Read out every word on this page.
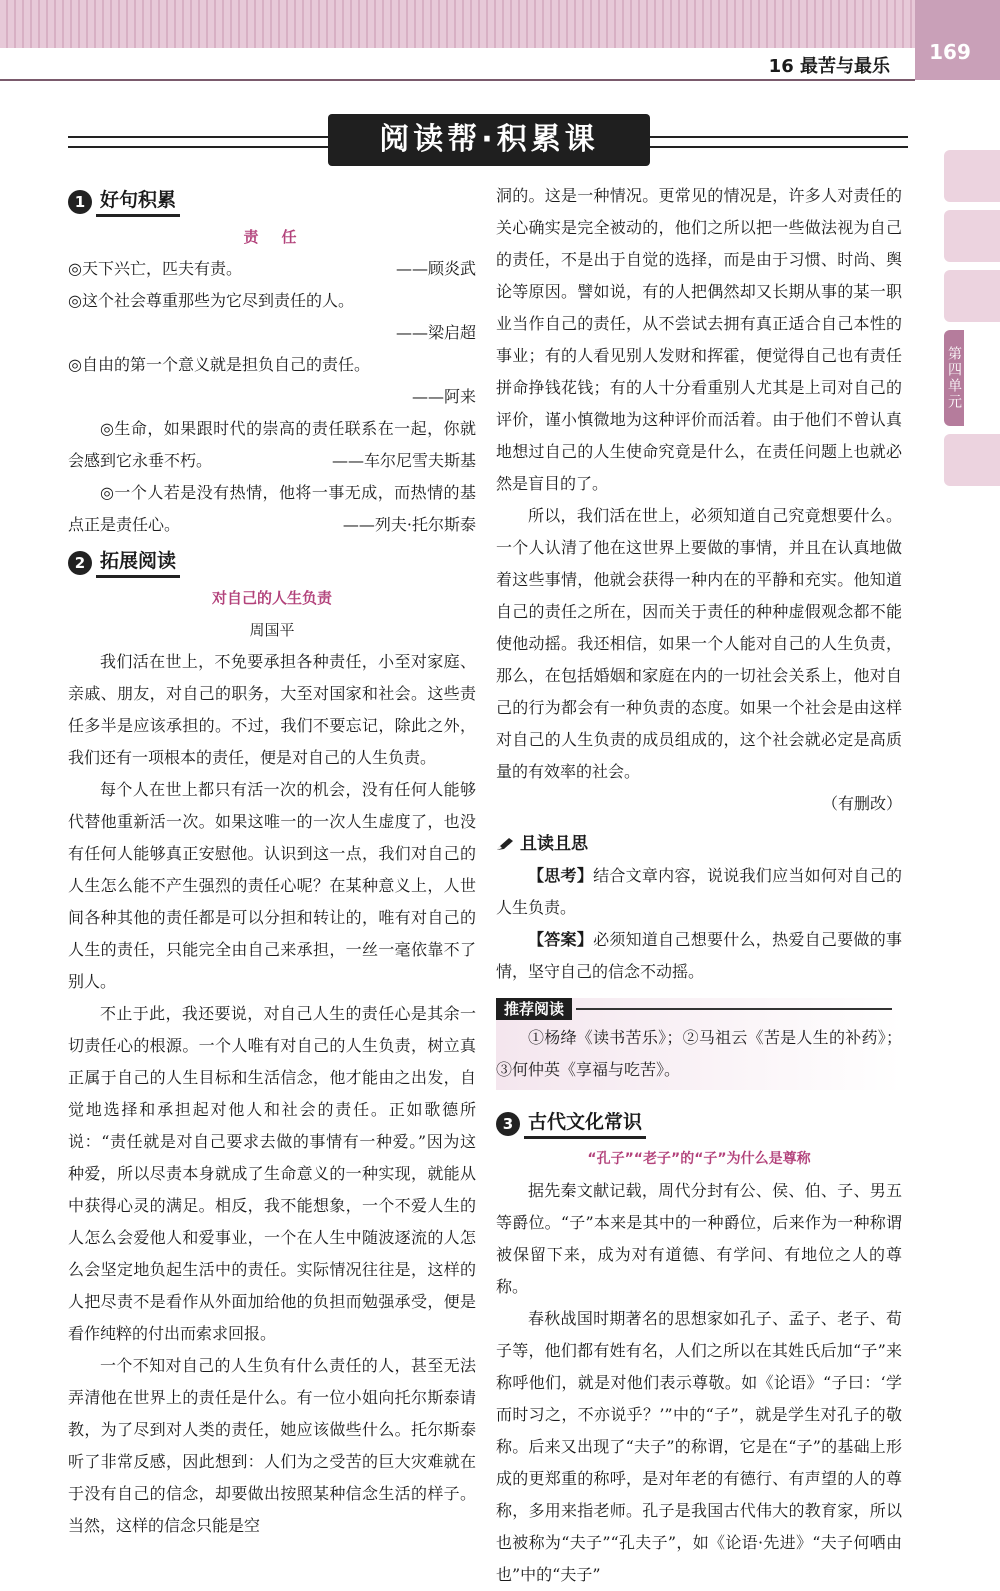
169
16 最苦与最乐
第四单元
阅读帮·积累课
1 好句积累
责　任

◎天下兴亡，匹夫有责。	——顾炎武

◎这个社会尊重那些为它尽到责任的人。

——梁启超

◎自由的第一个意义就是担负自己的责任。

——阿来

◎生命，如果跟时代的崇高的责任联系在一起，你就会感到它永垂不朽。	——车尔尼雪夫斯基

◎一个人若是没有热情，他将一事无成，而热情的基点正是责任心。	——列夫·托尔斯泰
2 拓展阅读
对自己的人生负责
周国平

我们活在世上，不免要承担各种责任，小至对家庭、亲戚、朋友，对自己的职务，大至对国家和社会。这些责任多半是应该承担的。不过，我们不要忘记，除此之外，我们还有一项根本的责任，便是对自己的人生负责。

每个人在世上都只有活一次的机会，没有任何人能够代替他重新活一次。如果这唯一的一次人生虚度了，也没有任何人能够真正安慰他。认识到这一点，我们对自己的人生怎么能不产生强烈的责任心呢？在某种意义上，人世间各种其他的责任都是可以分担和转让的，唯有对自己的人生的责任，只能完全由自己来承担，一丝一毫依靠不了别人。

不止于此，我还要说，对自己人生的责任心是其余一切责任心的根源。一个人唯有对自己的人生负责，树立真正属于自己的人生目标和生活信念，他才能由之出发，自觉地选择和承担起对他人和社会的责任。正如歌德所说：“责任就是对自己要求去做的事情有一种爱。”因为这种爱，所以尽责本身就成了生命意义的一种实现，就能从中获得心灵的满足。相反，我不能想象，一个不爱人生的人怎么会爱他人和爱事业，一个在人生中随波逐流的人怎么会坚定地负起生活中的责任。实际情况往往是，这样的人把尽责不是看作从外面加给他的负担而勉强承受，便是看作纯粹的付出而索求回报。

一个不知对自己的人生负有什么责任的人，甚至无法弄清他在世界上的责任是什么。有一位小姐向托尔斯泰请教，为了尽到对人类的责任，她应该做些什么。托尔斯泰听了非常反感，因此想到：人们为之受苦的巨大灾难就在于没有自己的信念，却要做出按照某种信念生活的样子。当然，这样的信念只能是空

洞的。这是一种情况。更常见的情况是，许多人对责任的关心确实是完全被动的，他们之所以把一些做法视为自己的责任，不是出于自觉的选择，而是由于习惯、时尚、舆论等原因。譬如说，有的人把偶然却又长期从事的某一职业当作自己的责任，从不尝试去拥有真正适合自己本性的事业；有的人看见别人发财和挥霍，便觉得自己也有责任拼命挣钱花钱；有的人十分看重别人尤其是上司对自己的评价，谨小慎微地为这种评价而活着。由于他们不曾认真地想过自己的人生使命究竟是什么，在责任问题上也就必然是盲目的了。

所以，我们活在世上，必须知道自己究竟想要什么。一个人认清了他在这世界上要做的事情，并且在认真地做着这些事情，他就会获得一种内在的平静和充实。他知道自己的责任之所在，因而关于责任的种种虚假观念都不能使他动摇。我还相信，如果一个人能对自己的人生负责，那么，在包括婚姻和家庭在内的一切社会关系上，他对自己的行为都会有一种负责的态度。如果一个社会是由这样对自己的人生负责的成员组成的，这个社会就必定是高质量的有效率的社会。

（有删改）
且读且思

【思考】结合文章内容，说说我们应当如何对自己的人生负责。

【答案】必须知道自己想要什么，热爱自己要做的事情，坚守自己的信念不动摇。

推荐阅读

①杨绛《读书苦乐》；②马祖云《苦是人生的补药》；③何仲英《享福与吃苦》。

3 古代文化常识
“孔子”“老子”的“子”为什么是尊称

据先秦文献记载，周代分封有公、侯、伯、子、男五等爵位。“子”本来是其中的一种爵位，后来作为一种称谓被保留下来，成为对有道德、有学问、有地位之人的尊称。

春秋战国时期著名的思想家如孔子、孟子、老子、荀子等，他们都有姓有名，人们之所以在其姓氏后加“子”来称呼他们，就是对他们表示尊敬。如《论语》“子曰：‘学而时习之，不亦说乎？’”中的“子”，就是学生对孔子的敬称。后来又出现了“夫子”的称谓，它是在“子”的基础上形成的更郑重的称呼，是对年老的有德行、有声望的人的尊称，多用来指老师。孔子是我国古代伟大的教育家，所以也被称为“夫子”“孔夫子”，如《论语·先进》“夫子何哂由也”中的“夫子”
